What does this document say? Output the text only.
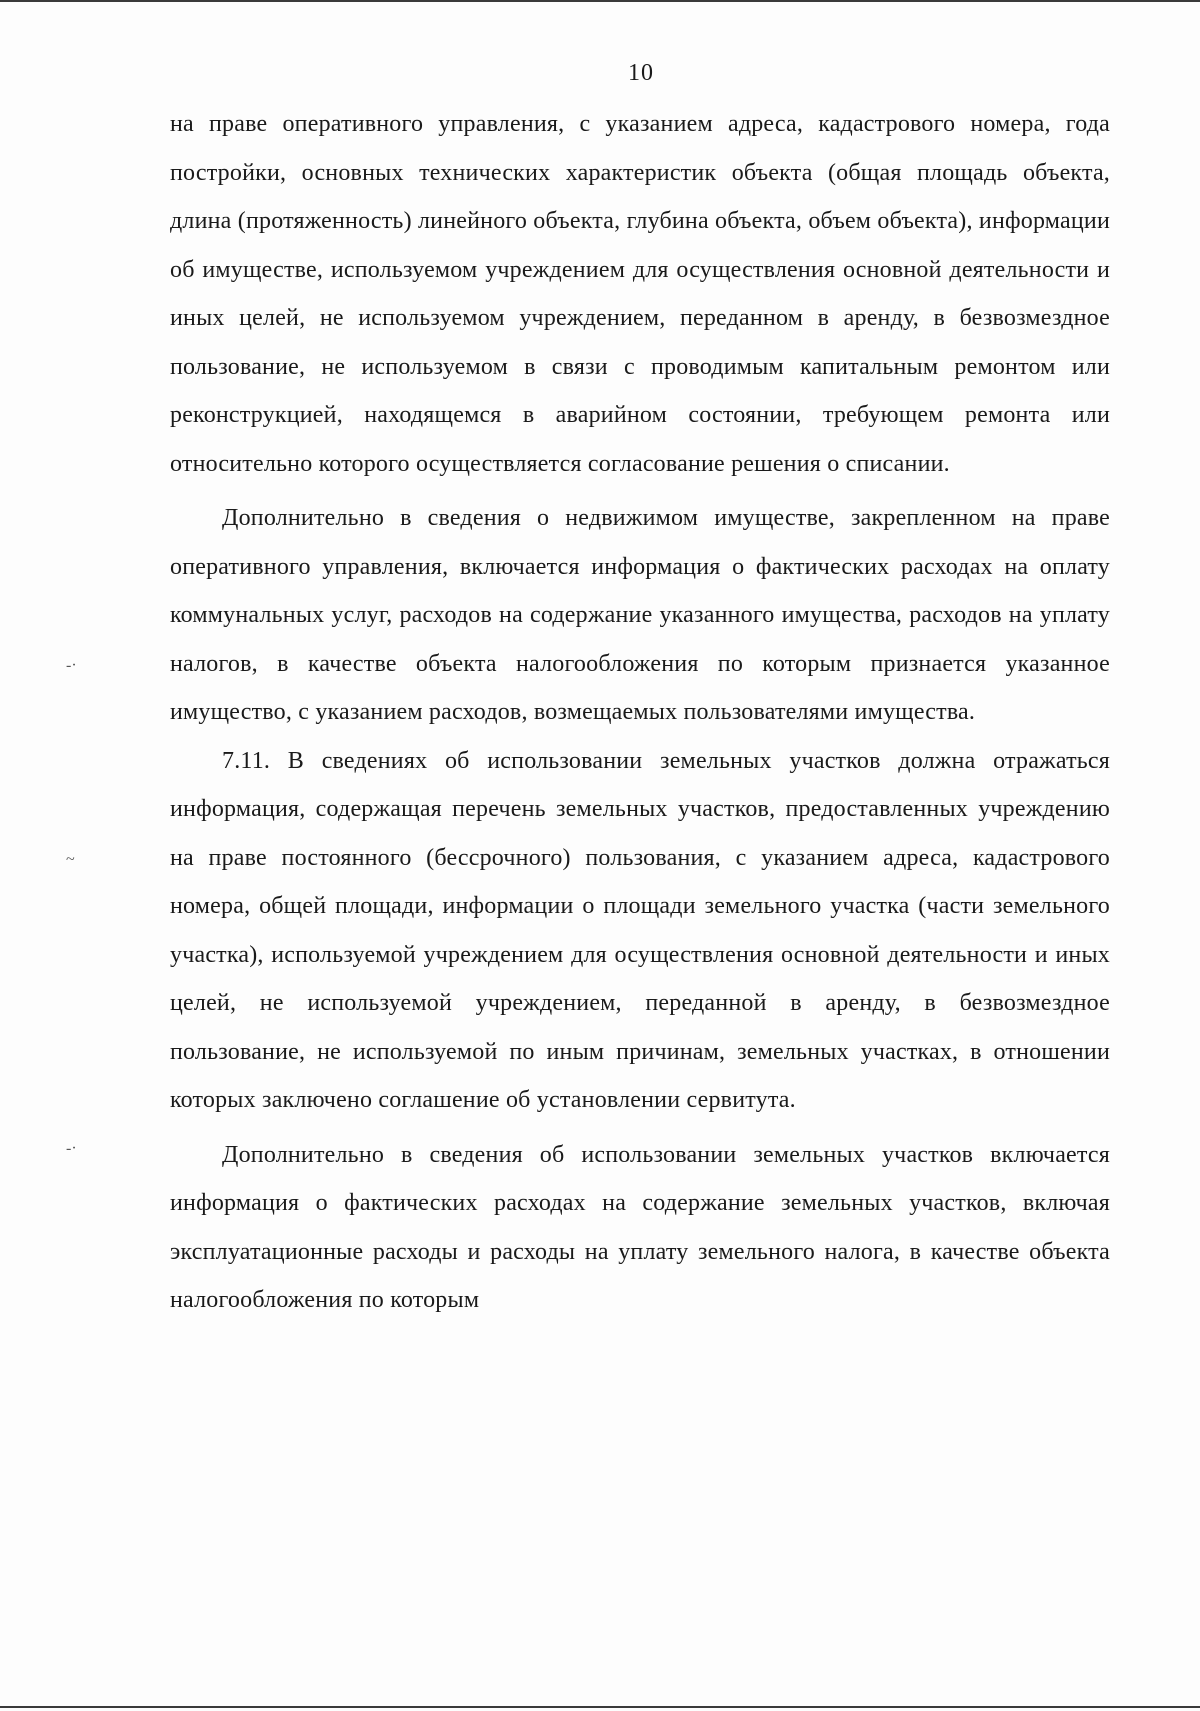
10

на праве оперативного управления, с указанием адреса, кадастрового номера, года постройки, основных технических характеристик объекта (общая площадь объекта, длина (протяженность) линейного объекта, глубина объекта, объем объекта), информации об имуществе, используемом учреждением для осуществления основной деятельности и иных целей, не используемом учреждением, переданном в аренду, в безвозмездное пользование, не используемом в связи с проводимым капитальным ремонтом или реконструкцией, находящемся в аварийном состоянии, требующем ремонта или относительно которого осуществляется согласование решения о списании.

Дополнительно в сведения о недвижимом имуществе, закрепленном на праве оперативного управления, включается информация о фактических расходах на оплату коммунальных услуг, расходов на содержание указанного имущества, расходов на уплату налогов, в качестве объекта налогообложения по которым признается указанное имущество, с указанием расходов, возмещаемых пользователями имущества.

7.11. В сведениях об использовании земельных участков должна отражаться информация, содержащая перечень земельных участков, предоставленных учреждению на праве постоянного (бессрочного) пользования, с указанием адреса, кадастрового номера, общей площади, информации о площади земельного участка (части земельного участка), используемой учреждением для осуществления основной деятельности и иных целей, не используемой учреждением, переданной в аренду, в безвозмездное пользование, не используемой по иным причинам, земельных участках, в отношении которых заключено соглашение об установлении сервитута.

Дополнительно в сведения об использовании земельных участков включается информация о фактических расходах на содержание земельных участков, включая эксплуатационные расходы и расходы на уплату земельного налога, в качестве объекта налогообложения по которым

-·
~
-·
